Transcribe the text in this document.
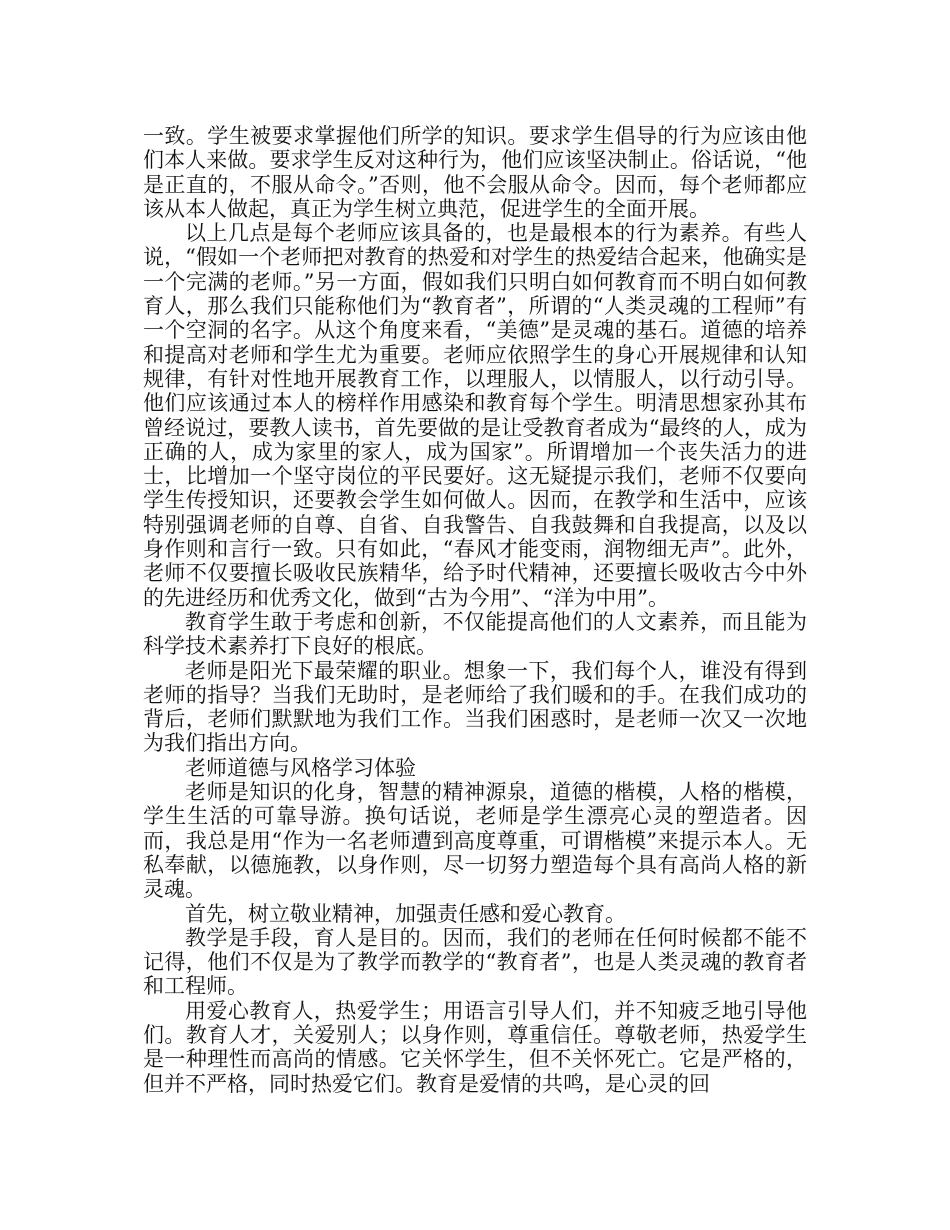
一致。学生被要求掌握他们所学的知识。要求学生倡导的行为应该由他们本人来做。要求学生反对这种行为，他们应该坚决制止。俗话说，“他是正直的，不服从命令。”否则，他不会服从命令。因而，每个老师都应该从本人做起，真正为学生树立典范，促进学生的全面开展。

以上几点是每个老师应该具备的，也是最根本的行为素养。有些人说，“假如一个老师把对教育的热爱和对学生的热爱结合起来，他确实是一个完满的老师。”另一方面，假如我们只明白如何教育而不明白如何教育人，那么我们只能称他们为“教育者”，所谓的“人类灵魂的工程师”有一个空洞的名字。从这个角度来看，“美德”是灵魂的基石。道德的培养和提高对老师和学生尤为重要。老师应依照学生的身心开展规律和认知规律，有针对性地开展教育工作，以理服人，以情服人，以行动引导。他们应该通过本人的榜样作用感染和教育每个学生。明清思想家孙其布曾经说过，要教人读书，首先要做的是让受教育者成为“最终的人，成为正确的人，成为家里的家人，成为国家”。所谓增加一个丧失活力的进士，比增加一个坚守岗位的平民要好。这无疑提示我们，老师不仅要向学生传授知识，还要教会学生如何做人。因而，在教学和生活中，应该特别强调老师的自尊、自省、自我警告、自我鼓舞和自我提高，以及以身作则和言行一致。只有如此，“春风才能变雨，润物细无声”。此外，老师不仅要擅长吸收民族精华，给予时代精神，还要擅长吸收古今中外的先进经历和优秀文化，做到“古为今用”、“洋为中用”。

教育学生敢于考虑和创新，不仅能提高他们的人文素养，而且能为科学技术素养打下良好的根底。

老师是阳光下最荣耀的职业。想象一下，我们每个人，谁没有得到老师的指导？当我们无助时，是老师给了我们暖和的手。在我们成功的背后，老师们默默地为我们工作。当我们困惑时，是老师一次又一次地为我们指出方向。

老师道德与风格学习体验

老师是知识的化身，智慧的精神源泉，道德的楷模，人格的楷模，学生生活的可靠导游。换句话说，老师是学生漂亮心灵的塑造者。因而，我总是用“作为一名老师遭到高度尊重，可谓楷模”来提示本人。无私奉献，以德施教，以身作则，尽一切努力塑造每个具有高尚人格的新灵魂。

首先，树立敬业精神，加强责任感和爱心教育。

教学是手段，育人是目的。因而，我们的老师在任何时候都不能不记得，他们不仅是为了教学而教学的“教育者”，也是人类灵魂的教育者和工程师。

用爱心教育人，热爱学生；用语言引导人们，并不知疲乏地引导他们。教育人才，关爱别人；以身作则，尊重信任。尊敬老师，热爱学生是一种理性而高尚的情感。它关怀学生，但不关怀死亡。它是严格的，但并不严格，同时热爱它们。教育是爱情的共鸣，是心灵的回
